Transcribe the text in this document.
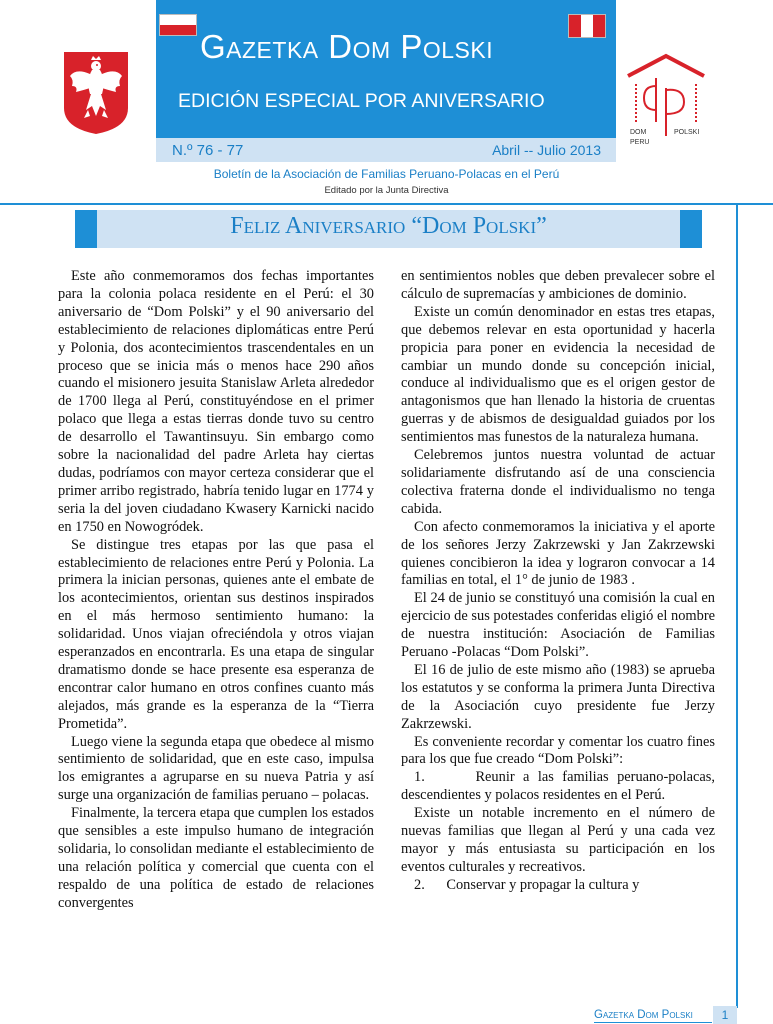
Gazetka Dom Polski
EDICIÓN ESPECIAL POR ANIVERSARIO
N.º 76 - 77	Abril -- Julio 2013
Boletín de la Asociación de Familias Peruano-Polacas en el Perú
Editado por la Junta Directiva
DOM	POLSKI
PERU
Feliz Aniversario “Dom Polski”

Este año conmemoramos dos fechas importantes para la colonia polaca residente en el Perú: el 30 aniversario de “Dom Polski” y el 90 aniversario del establecimiento de relaciones diplomáticas entre Perú y Polonia, dos acontecimientos trascendentales en un proceso que se inicia más o menos hace 290 años cuando el misionero jesuita Stanislaw Arleta alrededor de 1700 llega al Perú, constituyéndose en el primer polaco que llega a estas tierras donde tuvo su centro de desarrollo el Tawantinsuyu. Sin embargo como sobre la nacionalidad del padre Arleta hay ciertas dudas, podríamos con mayor certeza considerar que el primer arribo registrado, habría tenido lugar en 1774 y seria la del joven ciudadano Kwasery Karnicki nacido en 1750 en Nowogródek.

Se distingue tres etapas por las que pasa el establecimiento de relaciones entre Perú y Polonia. La primera la inician personas, quienes ante el embate de los acontecimientos, orientan sus destinos inspirados en el más hermoso sentimiento humano: la solidaridad. Unos viajan ofreciéndola y otros viajan esperanzados en encontrarla. Es una etapa de singular dramatismo donde se hace presente esa esperanza de encontrar calor humano en otros confines cuanto más alejados, más grande es la esperanza de la “Tierra Prometida”.

Luego viene la segunda etapa que obedece al mismo sentimiento de solidaridad, que en este caso, impulsa los emigrantes a agruparse en su nueva Patria y así surge una organización de familias peruano – polacas.

Finalmente, la tercera etapa que cumplen los estados que sensibles a este impulso humano de integración solidaria, lo consolidan mediante el establecimiento de una relación política y comercial que cuenta con el respaldo de una política de estado de relaciones convergentes

en sentimientos nobles que deben prevalecer sobre el cálculo de supremacías y ambiciones de dominio.

Existe un común denominador en estas tres etapas, que debemos relevar en esta oportunidad y hacerla propicia para poner en evidencia la necesidad de cambiar un mundo donde su concepción inicial, conduce al individualismo que es el origen gestor de antagonismos que han llenado la historia de cruentas guerras y de abismos de desigualdad guiados por los sentimientos mas funestos de la naturaleza humana.

Celebremos juntos nuestra voluntad de actuar solidariamente disfrutando así de una consciencia colectiva fraterna donde el individualismo no tenga cabida.

Con afecto conmemoramos la iniciativa y el aporte de los señores Jerzy Zakrzewski y Jan Zakrzewski quienes concibieron la idea y lograron convocar a 14 familias en total, el 1° de junio de 1983 .

El 24 de junio se constituyó una comisión la cual en ejercicio de sus potestades conferidas eligió el nombre de nuestra institución: Asociación de Familias Peruano -Polacas “Dom Polski”.

El 16 de julio de este mismo año (1983) se aprueba los estatutos y se conforma la primera Junta Directiva de la Asociación cuyo presidente fue Jerzy Zakrzewski.

Es conveniente recordar y comentar los cuatro fines para los que fue creado “Dom Polski”:

1.      Reunir a las familias peruano-polacas, descendientes y polacos residentes en el Perú.

Existe un notable incremento en el número de nuevas familias que llegan al Perú y una cada vez mayor y más entusiasta su participación en los eventos culturales y recreativos.

2.      Conservar y propagar la cultura y

Gazetka Dom Polski	1
